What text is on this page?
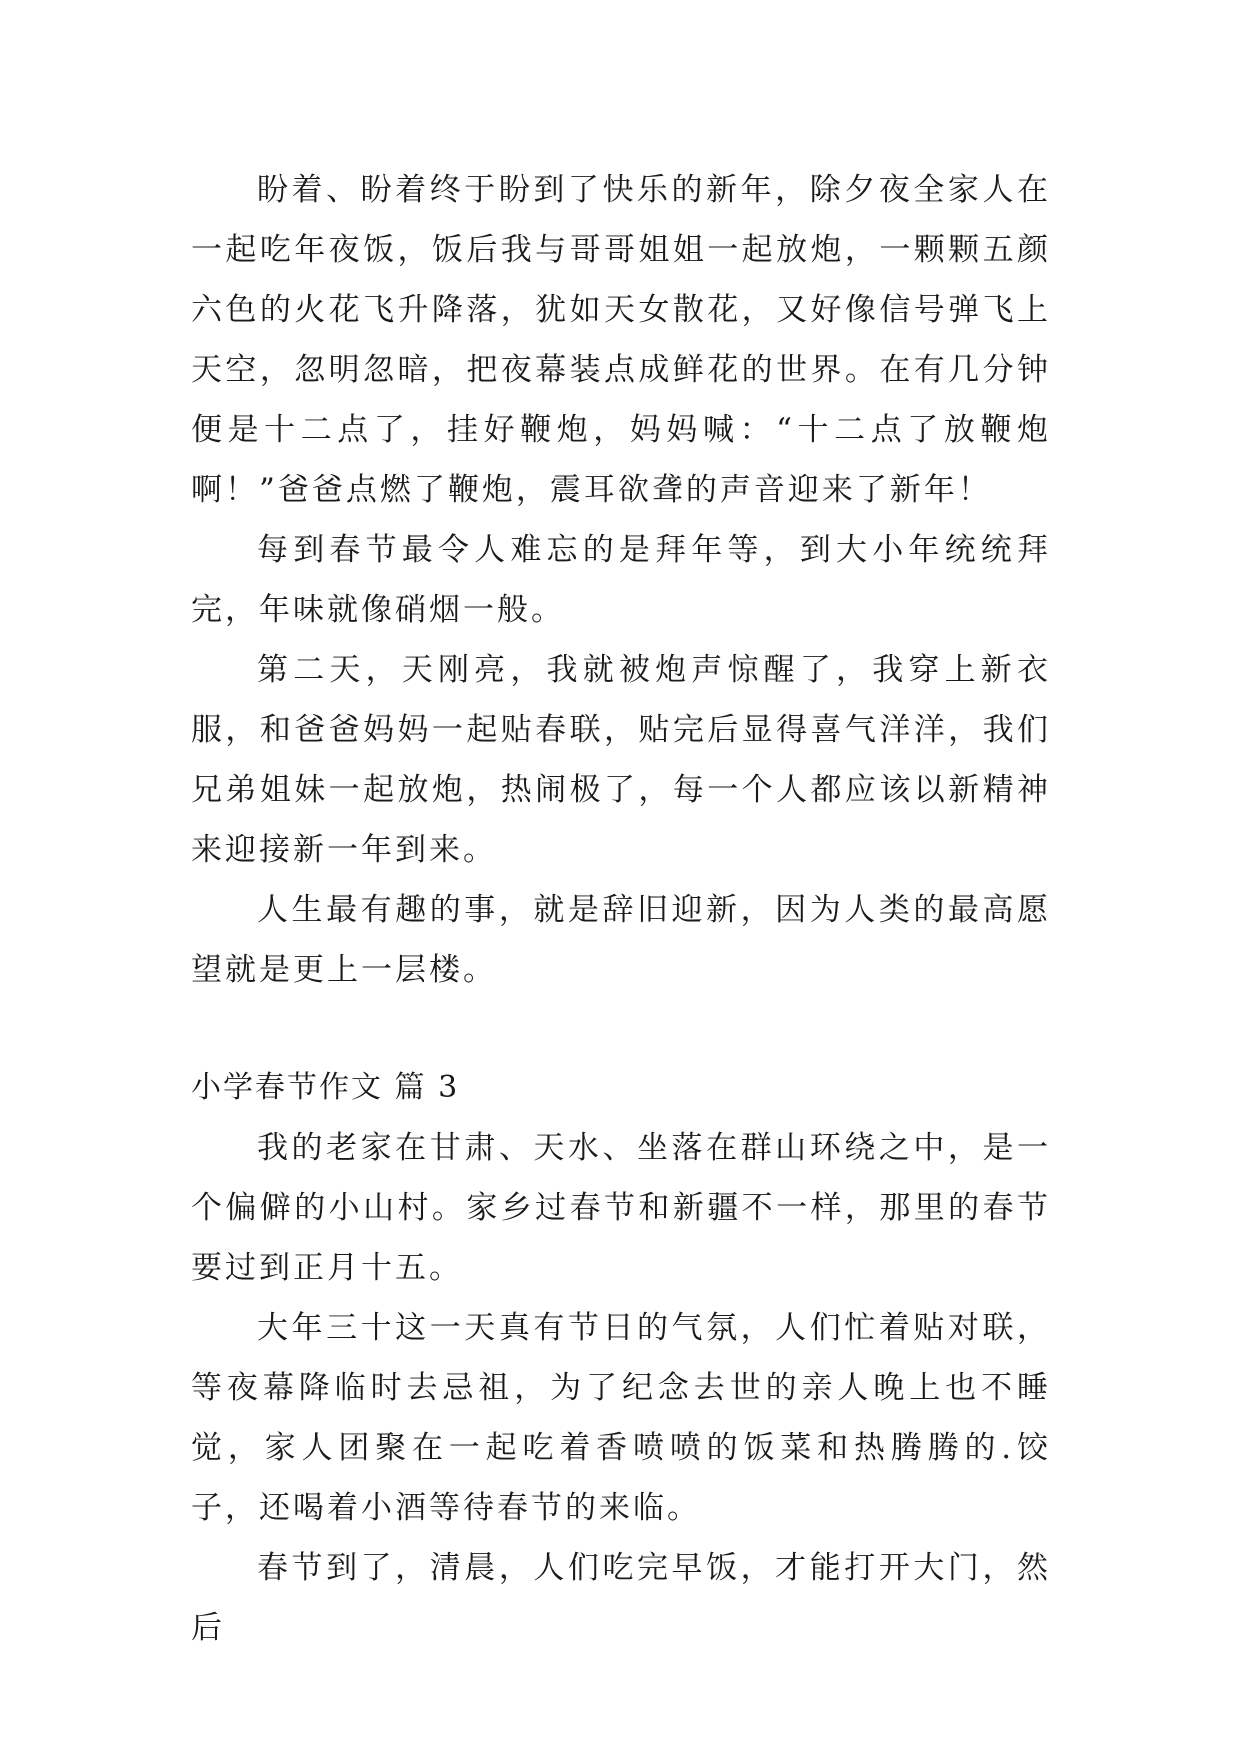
盼着、盼着终于盼到了快乐的新年，除夕夜全家人在一起吃年夜饭，饭后我与哥哥姐姐一起放炮，一颗颗五颜六色的火花飞升降落，犹如天女散花，又好像信号弹飞上天空，忽明忽暗，把夜幕装点成鲜花的世界。在有几分钟便是十二点了，挂好鞭炮，妈妈喊：“十二点了放鞭炮啊！”爸爸点燃了鞭炮，震耳欲聋的声音迎来了新年！

每到春节最令人难忘的是拜年等，到大小年统统拜完，年味就像硝烟一般。

第二天，天刚亮，我就被炮声惊醒了，我穿上新衣服，和爸爸妈妈一起贴春联，贴完后显得喜气洋洋，我们兄弟姐妹一起放炮，热闹极了，每一个人都应该以新精神来迎接新一年到来。

人生最有趣的事，就是辞旧迎新，因为人类的最高愿望就是更上一层楼。

小学春节作文 篇 3

我的老家在甘肃、天水、坐落在群山环绕之中，是一个偏僻的小山村。家乡过春节和新疆不一样，那里的春节要过到正月十五。

大年三十这一天真有节日的气氛，人们忙着贴对联，等夜幕降临时去忌祖，为了纪念去世的亲人晚上也不睡觉，家人团聚在一起吃着香喷喷的饭菜和热腾腾的.饺子，还喝着小酒等待春节的来临。

春节到了，清晨，人们吃完早饭，才能打开大门，然后
